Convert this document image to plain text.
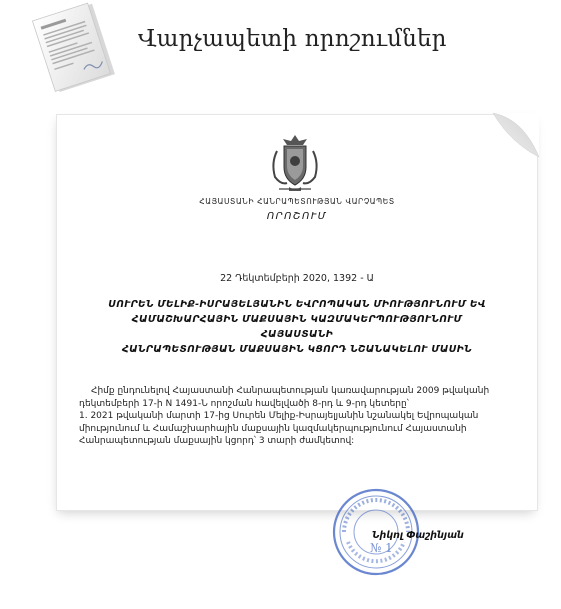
Վարչապետի որոշումներ
ՀԱՅԱՍՏԱՆԻ ՀԱՆՐԱՊԵՏՈՒԹՅԱՆ ՎԱՐՉԱՊԵՏ
ՈՐՈՇՈՒՄ
22 Դեկտեմբերի 2020, 1392 - Ա
ՍՈՒՐԵՆ ՄԵԼԻՔ-ԻՍՐԱՅԵԼՅԱՆԻՆ ԵՎՐՈՊԱԿԱՆ ՄԻՈՒԹՅՈՒՆՈՒՄ ԵՎ
ՀԱՄԱՇԽԱՐՀԱՅԻՆ ՄԱՔՍԱՅԻՆ ԿԱԶՄԱԿԵՐՊՈՒԹՅՈՒՆՈՒՄ ՀԱՅԱՍՏԱՆԻ
ՀԱՆՐԱՊԵՏՈՒԹՅԱՆ ՄԱՔՍԱՅԻՆ ԿՑՈՐԴ ՆՇԱՆԱԿԵԼՈՒ ՄԱՍԻՆ

Հիմք ընդունելով Հայաստանի Հանրապետության կառավարության 2009 թվականի

դեկտեմբերի 17-ի N 1491-Ն որոշման հավելվածի 8-րդ և 9-րդ կետերը՝

1. 2021 թվականի մարտի 17-ից Սուրեն Մելիք-Իսրայելյանին նշանակել Եվրոպական

միությունում և Համաշխարհային մաքսային կազմակերպությունում Հայաստանի

Հանրապետության մաքսային կցորդ՝ 3 տարի ժամկետով:

№ 1
Նիկոլ Փաշինյան
